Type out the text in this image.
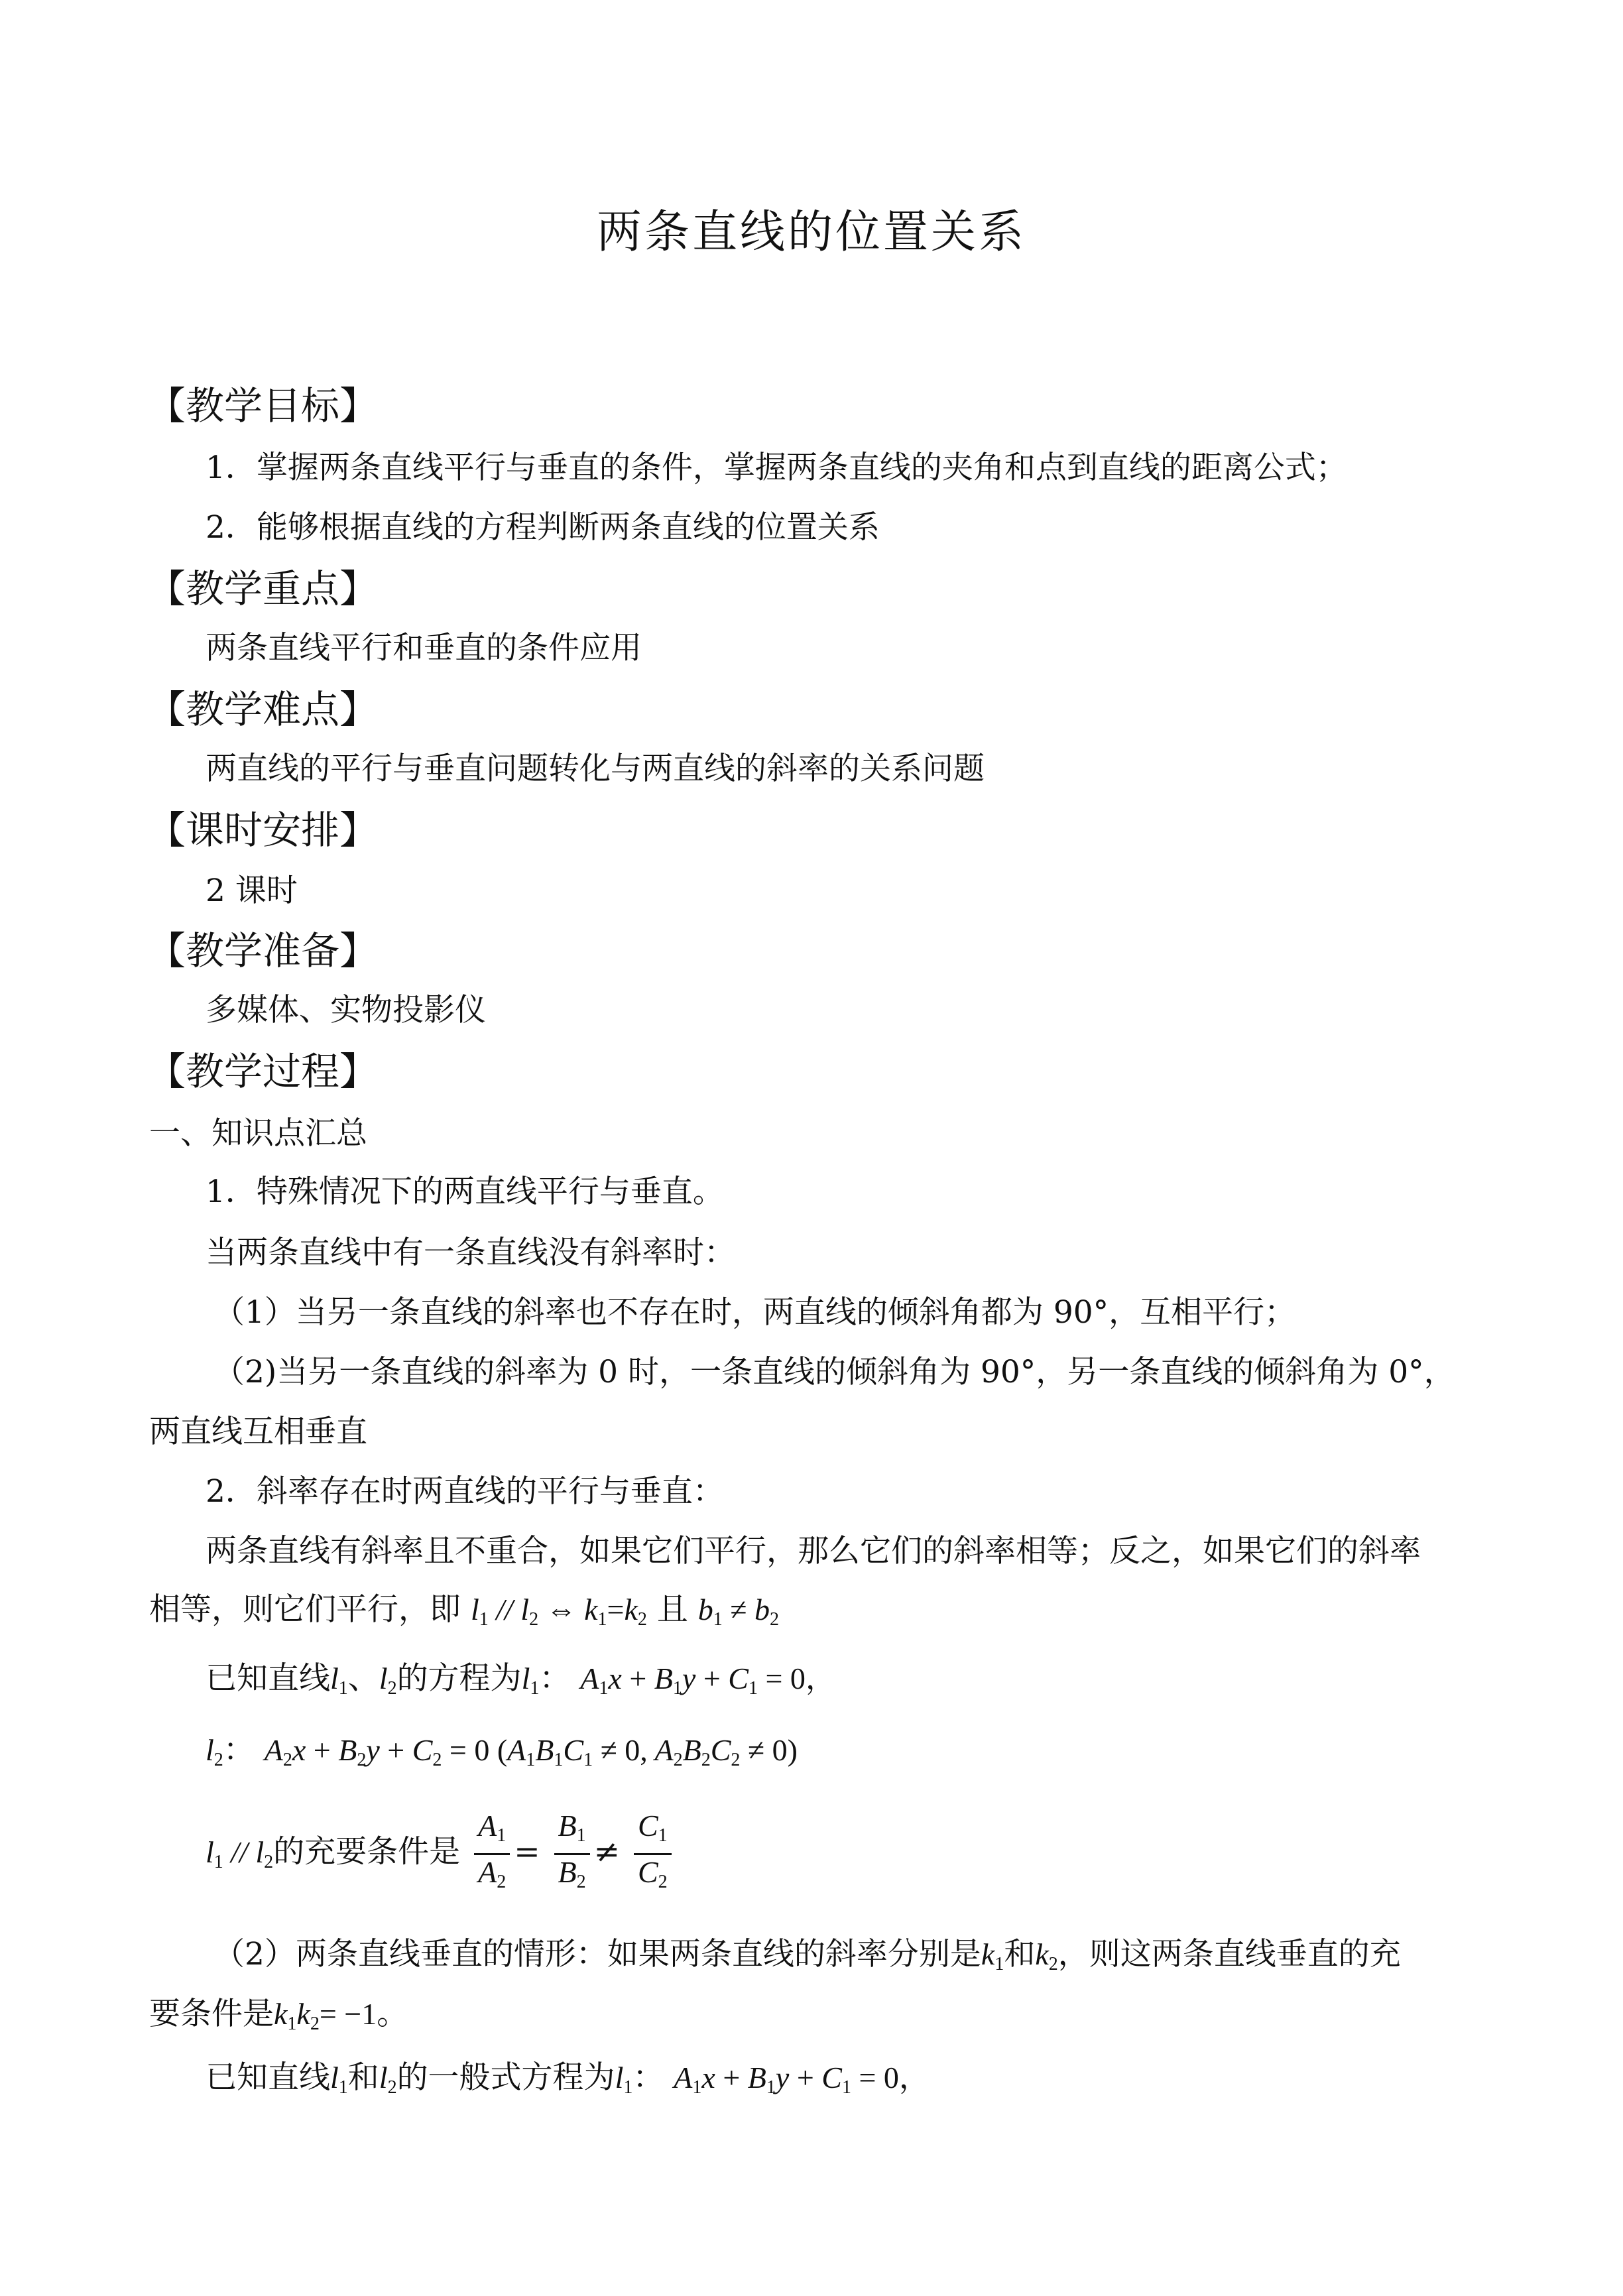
两条直线的位置关系
【教学目标】
1．掌握两条直线平行与垂直的条件，掌握两条直线的夹角和点到直线的距离公式；
2．能够根据直线的方程判断两条直线的位置关系
【教学重点】
两条直线平行和垂直的条件应用
【教学难点】
两直线的平行与垂直问题转化与两直线的斜率的关系问题
【课时安排】
2 课时
【教学准备】
多媒体、实物投影仪
【教学过程】
一、知识点汇总
1．特殊情况下的两直线平行与垂直。
当两条直线中有一条直线没有斜率时：
（1）当另一条直线的斜率也不存在时，两直线的倾斜角都为 90°，互相平行；
（2)当另一条直线的斜率为 0 时，一条直线的倾斜角为 90°，另一条直线的倾斜角为 0°，
两直线互相垂直
2．斜率存在时两直线的平行与垂直：
两条直线有斜率且不重合，如果它们平行，那么它们的斜率相等；反之，如果它们的斜率
相等，则它们平行，即 $l_1 // l_2$ ⇔ $k_1=k_2$ 且 $b_1 \ne b_2$
已知直线$l_1$、$l_2$的方程为$l_1$： $A_1x + B_1y + C_1 = 0$，
$l_2$： $A_2x + B_2y + C_2 = 0$ ($A_1B_1C_1 \ne 0$, $A_2B_2C_2 \ne 0$)
$l_1 // l_2$的充要条件是 $\frac{A_1}{A_2} = \frac{B_1}{B_2} \ne \frac{C_1}{C_2}$
（2）两条直线垂直的情形：如果两条直线的斜率分别是$k_1$和$k_2$，则这两条直线垂直的充
要条件是$k_1k_2= -1$。
已知直线$l_1$和$l_2$的一般式方程为$l_1$： $A_1x + B_1y + C_1 = 0$，
